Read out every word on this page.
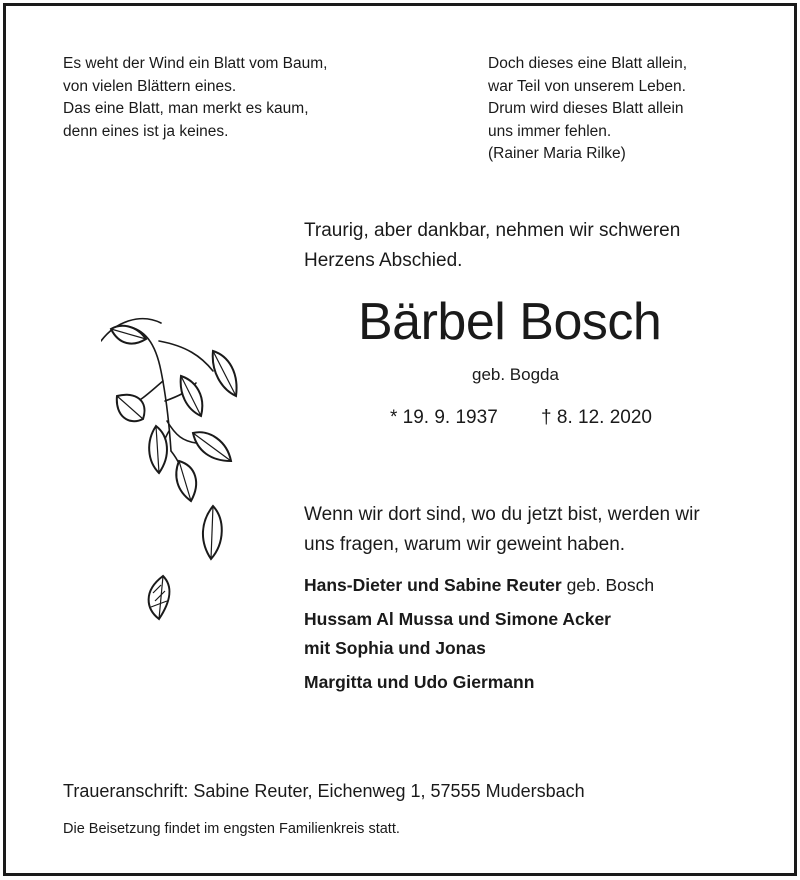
Es weht der Wind ein Blatt vom Baum,
von vielen Blättern eines.
Das eine Blatt, man merkt es kaum,
denn eines ist ja keines.
Doch dieses eine Blatt allein,
war Teil von unserem Leben.
Drum wird dieses Blatt allein
uns immer fehlen.
(Rainer Maria Rilke)
Traurig, aber dankbar, nehmen wir schweren
Herzens Abschied.
Bärbel Bosch
geb. Bogda
* 19. 9. 1937 † 8. 12. 2020
Wenn wir dort sind, wo du jetzt bist, werden wir
uns fragen, warum wir geweint haben.
Hans-Dieter und Sabine Reuter geb. Bosch
Hussam Al Mussa und Simone Acker
mit Sophia und Jonas
Margitta und Udo Giermann
Traueranschrift: Sabine Reuter, Eichenweg 1, 57555 Mudersbach
Die Beisetzung findet im engsten Familienkreis statt.
